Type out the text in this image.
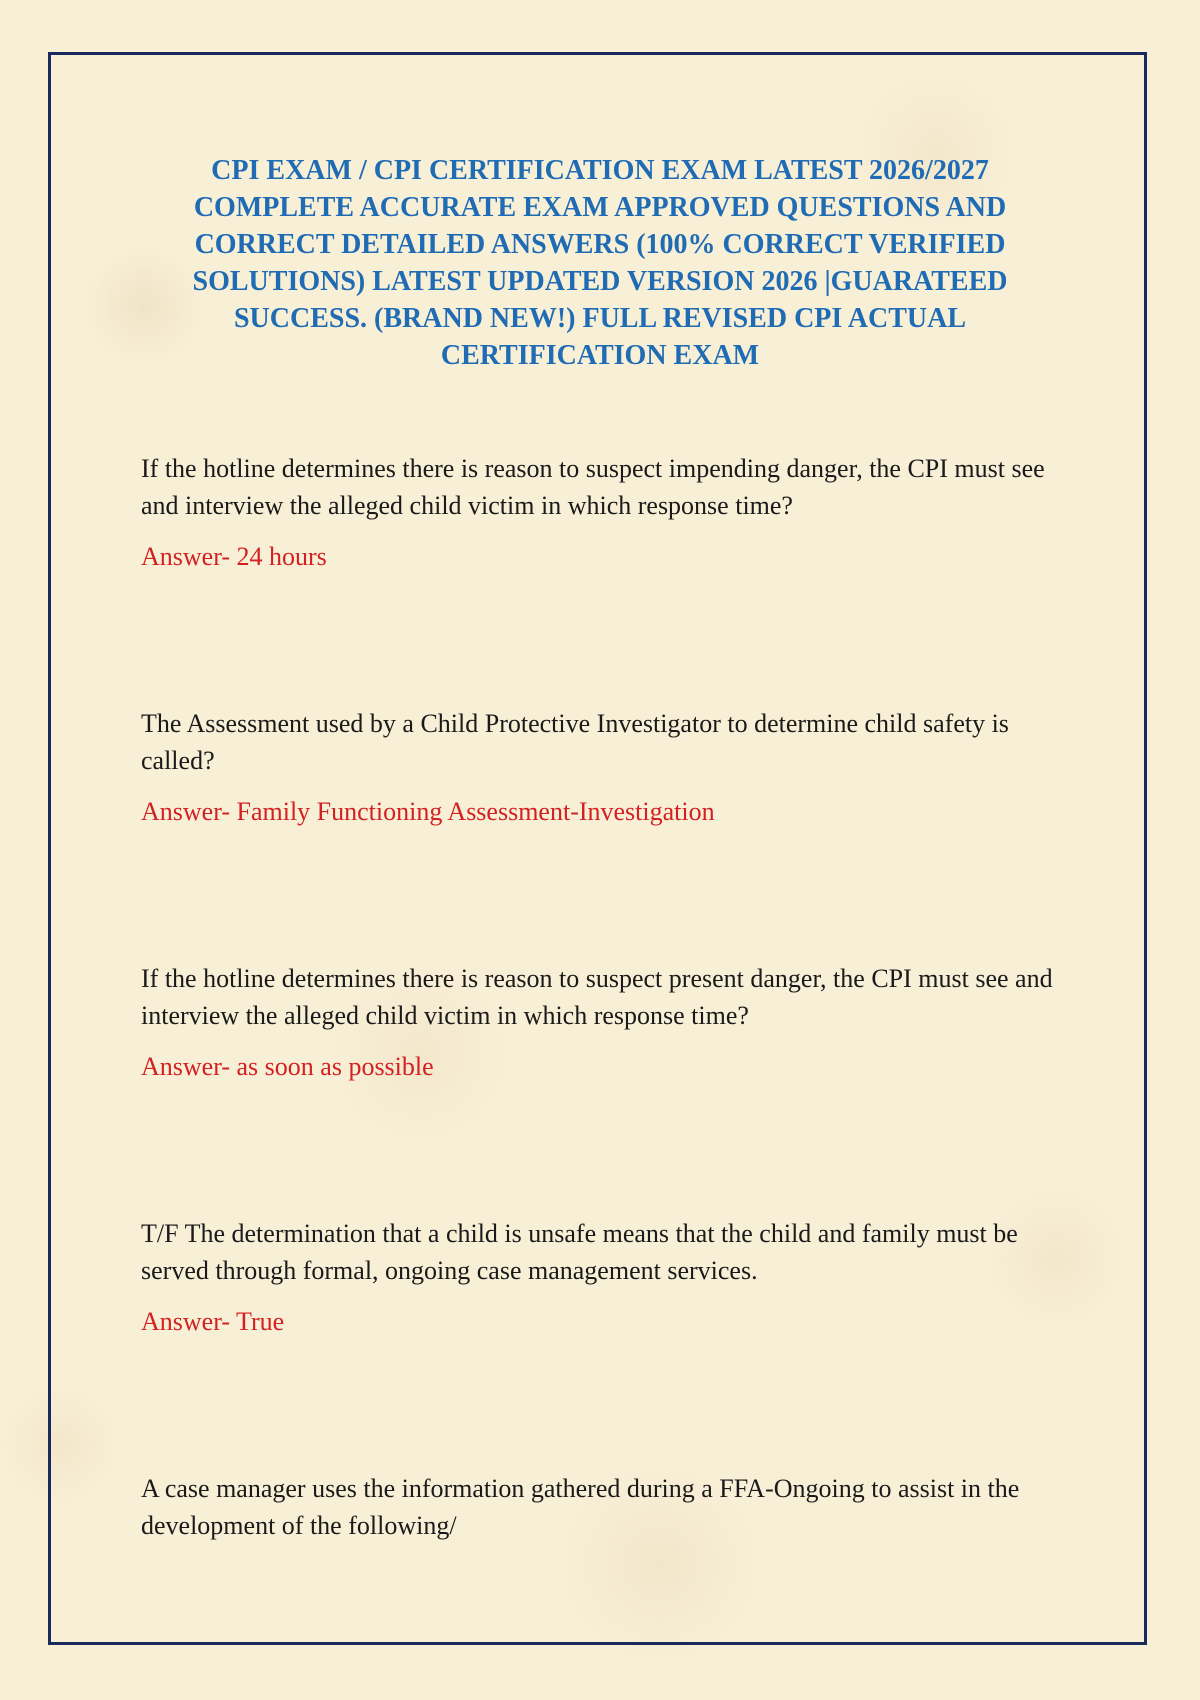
CPI EXAM / CPI CERTIFICATION EXAM LATEST 2026/2027 COMPLETE ACCURATE EXAM APPROVED QUESTIONS AND CORRECT DETAILED ANSWERS (100% CORRECT VERIFIED SOLUTIONS) LATEST UPDATED VERSION 2026 |GUARATEED SUCCESS. (BRAND NEW!) FULL REVISED CPI ACTUAL CERTIFICATION EXAM

If the hotline determines there is reason to suspect impending danger, the CPI must see and interview the alleged child victim in which response time?

Answer- 24 hours

The Assessment used by a Child Protective Investigator to determine child safety is called?

Answer- Family Functioning Assessment-Investigation

If the hotline determines there is reason to suspect present danger, the CPI must see and interview the alleged child victim in which response time?

Answer- as soon as possible

T/F The determination that a child is unsafe means that the child and family must be served through formal, ongoing case management services.

Answer- True

A case manager uses the information gathered during a FFA-Ongoing to assist in the development of the following/
